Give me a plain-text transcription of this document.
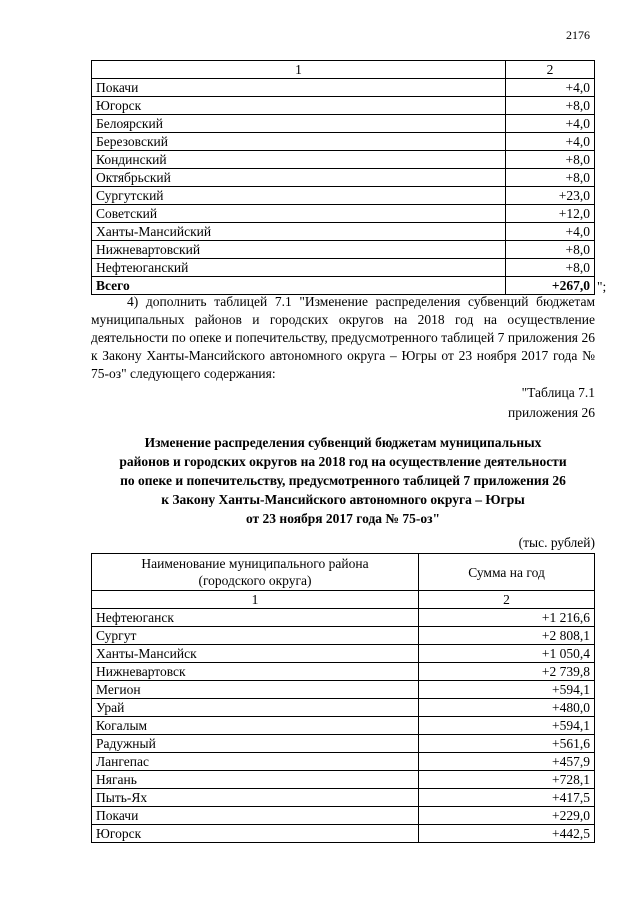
2176
1	2
Покачи	+4,0
Югорск	+8,0
Белоярский	+4,0
Березовский	+4,0
Кондинский	+8,0
Октябрьский	+8,0
Сургутский	+23,0
Советский	+12,0
Ханты-Мансийский	+4,0
Нижневартовский	+8,0
Нефтеюганский	+8,0
Всего	+267,0 ";
4) дополнить таблицей 7.1 "Изменение распределения субвенций бюджетам муниципальных районов и городских округов на 2018 год на осуществление деятельности по опеке и попечительству, предусмотренного таблицей 7 приложения 26 к Закону Ханты-Мансийского автономного округа – Югры от 23 ноября 2017 года № 75-оз" следующего содержания:
"Таблица 7.1
приложения 26
Изменение распределения субвенций бюджетам муниципальных
районов и городских округов на 2018 год на осуществление деятельности
по опеке и попечительству, предусмотренного таблицей 7 приложения 26
к Закону Ханты-Мансийского автономного округа – Югры
от 23 ноября 2017 года № 75-оз"
(тыс. рублей)
Наименование муниципального района
(городского округа)	Сумма на год
1	2
Нефтеюганск	+1 216,6
Сургут	+2 808,1
Ханты-Мансийск	+1 050,4
Нижневартовск	+2 739,8
Мегион	+594,1
Урай	+480,0
Когалым	+594,1
Радужный	+561,6
Лангепас	+457,9
Нягань	+728,1
Пыть-Ях	+417,5
Покачи	+229,0
Югорск	+442,5
